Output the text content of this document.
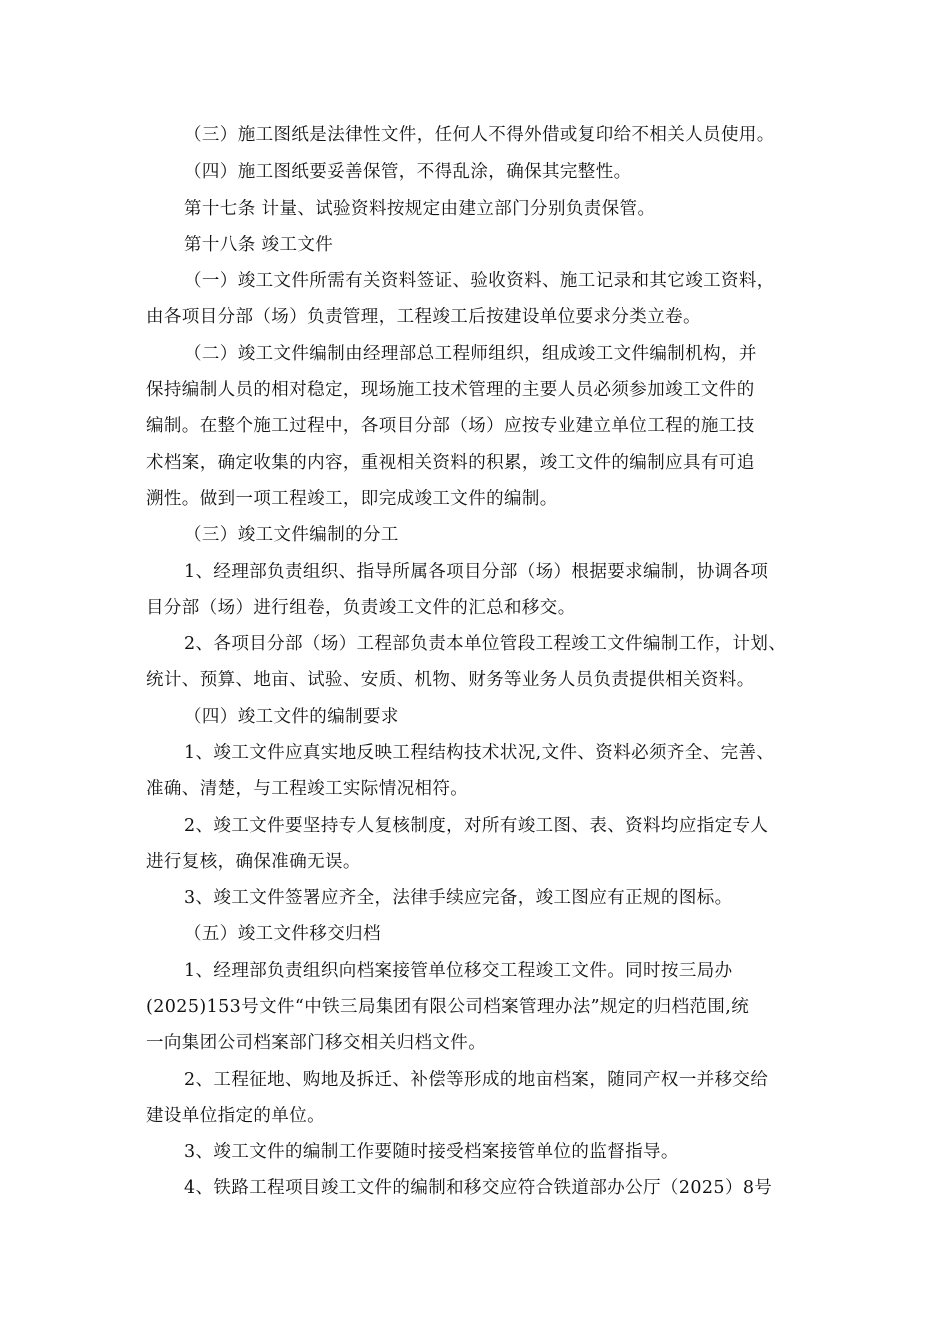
（三）施工图纸是法律性文件，任何人不得外借或复印给不相关人员使用。
（四）施工图纸要妥善保管，不得乱涂，确保其完整性。
第十七条 计量、试验资料按规定由建立部门分别负责保管。
第十八条 竣工文件
（一）竣工文件所需有关资料签证、验收资料、施工记录和其它竣工资料，
由各项目分部（场）负责管理，工程竣工后按建设单位要求分类立卷。
（二）竣工文件编制由经理部总工程师组织，组成竣工文件编制机构，并
保持编制人员的相对稳定，现场施工技术管理的主要人员必须参加竣工文件的
编制。在整个施工过程中，各项目分部（场）应按专业建立单位工程的施工技
术档案，确定收集的内容，重视相关资料的积累，竣工文件的编制应具有可追
溯性。做到一项工程竣工，即完成竣工文件的编制。
（三）竣工文件编制的分工
1、经理部负责组织、指导所属各项目分部（场）根据要求编制，协调各项
目分部（场）进行组卷，负责竣工文件的汇总和移交。
2、各项目分部（场）工程部负责本单位管段工程竣工文件编制工作，计划、
统计、预算、地亩、试验、安质、机物、财务等业务人员负责提供相关资料。
（四）竣工文件的编制要求
1、竣工文件应真实地反映工程结构技术状况,文件、资料必须齐全、完善、
准确、清楚，与工程竣工实际情况相符。
2、竣工文件要坚持专人复核制度，对所有竣工图、表、资料均应指定专人
进行复核，确保准确无误。
3、竣工文件签署应齐全，法律手续应完备，竣工图应有正规的图标。
（五）竣工文件移交归档
1、经理部负责组织向档案接管单位移交工程竣工文件。同时按三局办
(2025)153号文件“中铁三局集团有限公司档案管理办法”规定的归档范围,统
一向集团公司档案部门移交相关归档文件。
2、工程征地、购地及拆迁、补偿等形成的地亩档案，随同产权一并移交给
建设单位指定的单位。
3、竣工文件的编制工作要随时接受档案接管单位的监督指导。
4、铁路工程项目竣工文件的编制和移交应符合铁道部办公厅（2025）8号
